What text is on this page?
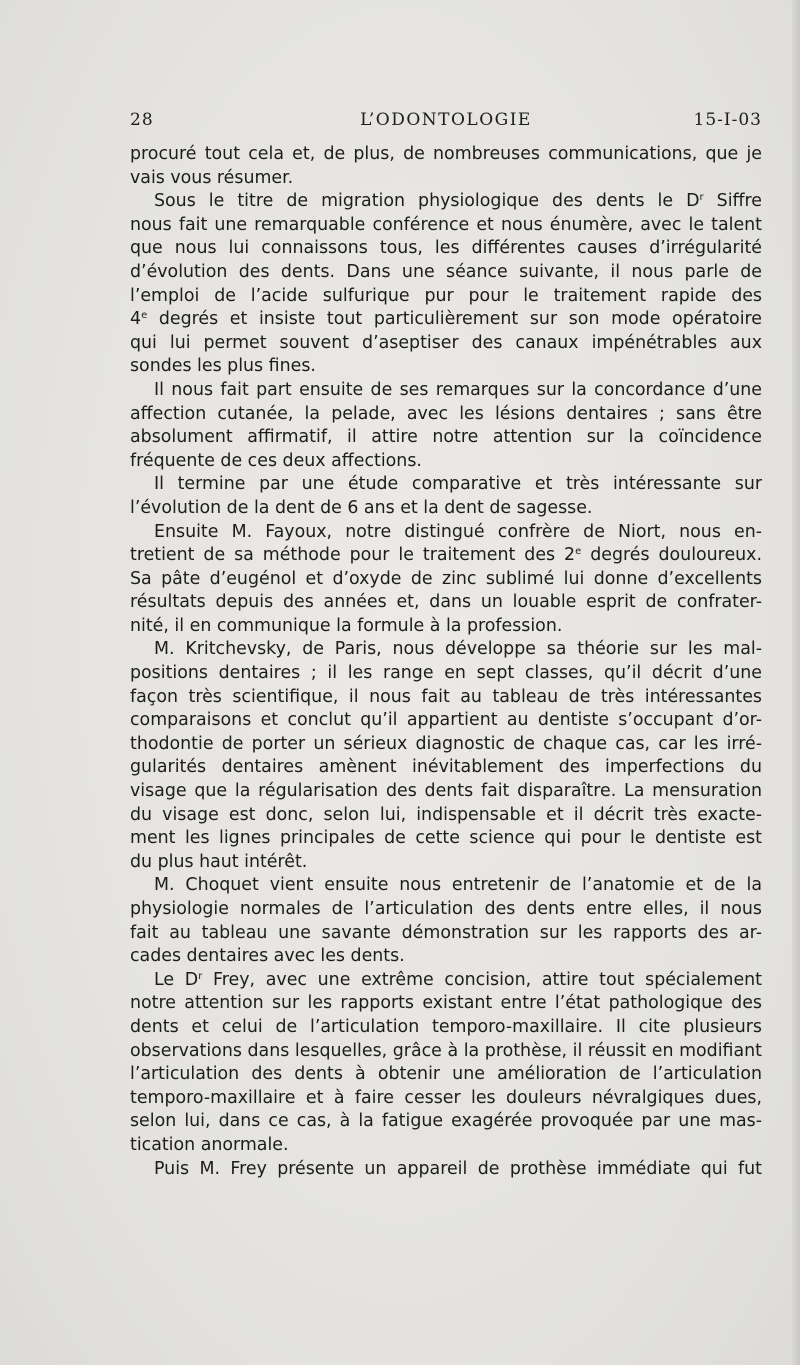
28	L’ODONTOLOGIE	15-I-03

procuré tout cela et, de plus, de nombreuses communications, que je

vais vous résumer.

Sous le titre de migration physiologique des dents le $D^r$ Siffre

nous fait une remarquable conférence et nous énumère, avec le talent

que nous lui connaissons tous, les différentes causes d’irrégularité

d’évolution des dents. Dans une séance suivante, il nous parle de

l’emploi de l’acide sulfurique pur pour le traitement rapide des

4e degrés et insiste tout particulièrement sur son mode opératoire

qui lui permet souvent d’aseptiser des canaux impénétrables aux

sondes les plus fines.

Il nous fait part ensuite de ses remarques sur la concordance d’une

affection cutanée, la pelade, avec les lésions dentaires ; sans être

absolument affirmatif, il attire notre attention sur la coïncidence

fréquente de ces deux affections.

Il termine par une étude comparative et très intéressante sur

l’évolution de la dent de 6 ans et la dent de sagesse.

Ensuite M. Fayoux, notre distingué confrère de Niort, nous en-

tretient de sa méthode pour le traitement des 2e degrés douloureux.

Sa pâte d’eugénol et d’oxyde de zinc sublimé lui donne d’excellents

résultats depuis des années et, dans un louable esprit de confrater-

nité, il en communique la formule à la profession.

M. Kritchevsky, de Paris, nous développe sa théorie sur les mal-

positions dentaires ; il les range en sept classes, qu’il décrit d’une

façon très scientifique, il nous fait au tableau de très intéressantes

comparaisons et conclut qu’il appartient au dentiste s’occupant d’or-

thodontie de porter un sérieux diagnostic de chaque cas, car les irré-

gularités dentaires amènent inévitablement des imperfections du

visage que la régularisation des dents fait disparaître. La mensuration

du visage est donc, selon lui, indispensable et il décrit très exacte-

ment les lignes principales de cette science qui pour le dentiste est

du plus haut intérêt.

M. Choquet vient ensuite nous entretenir de l’anatomie et de la

physiologie normales de l’articulation des dents entre elles, il nous

fait au tableau une savante démonstration sur les rapports des ar-

cades dentaires avec les dents.

Le $D^r$ Frey, avec une extrême concision, attire tout spécialement

notre attention sur les rapports existant entre l’état pathologique des

dents et celui de l’articulation temporo-maxillaire. Il cite plusieurs

observations dans lesquelles, grâce à la prothèse, il réussit en modifiant

l’articulation des dents à obtenir une amélioration de l’articulation

temporo-maxillaire et à faire cesser les douleurs névralgiques dues,

selon lui, dans ce cas, à la fatigue exagérée provoquée par une mas-

tication anormale.

Puis M. Frey présente un appareil de prothèse immédiate qui fut
